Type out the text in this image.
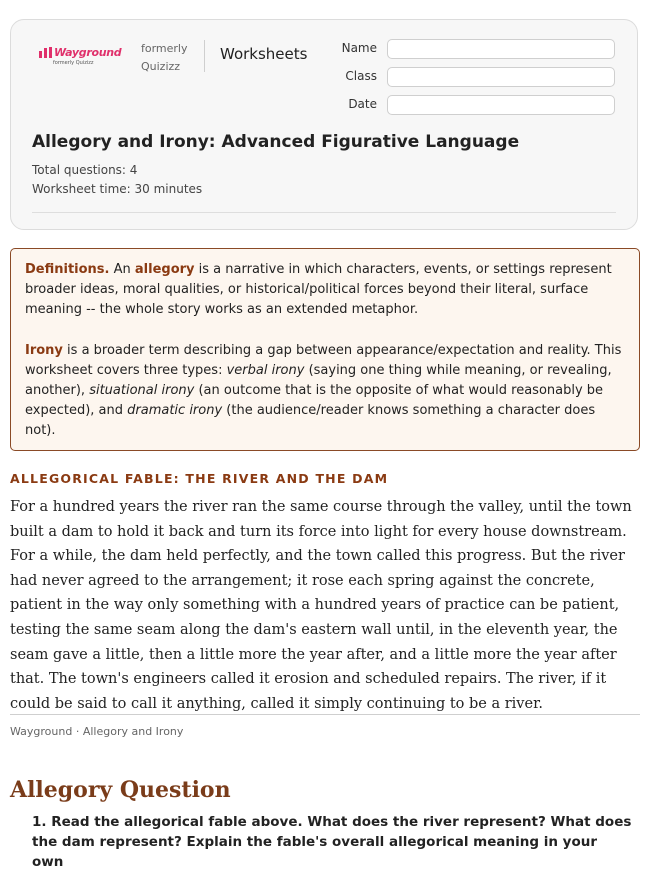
Wayground
formerly Quizizz
formerly Quizizz
Worksheets	Name
Class
Date
Allegory and Irony: Advanced Figurative Language
Total questions: 4
Worksheet time: 30 minutes

Definitions. An allegory is a narrative in which characters, events, or settings represent broader ideas, moral qualities, or historical/political forces beyond their literal, surface meaning -- the whole story works as an extended metaphor.

Irony is a broader term describing a gap between appearance/expectation and reality. This worksheet covers three types: verbal irony (saying one thing while meaning, or revealing, another), situational irony (an outcome that is the opposite of what would reasonably be expected), and dramatic irony (the audience/reader knows something a character does not).

ALLEGORICAL FABLE: THE RIVER AND THE DAM

For a hundred years the river ran the same course through the valley, until the town built a dam to hold it back and turn its force into light for every house downstream. For a while, the dam held perfectly, and the town called this progress. But the river had never agreed to the arrangement; it rose each spring against the concrete, patient in the way only something with a hundred years of practice can be patient, testing the same seam along the dam's eastern wall until, in the eleventh year, the seam gave a little, then a little more the year after, and a little more the year after that. The town's engineers called it erosion and scheduled repairs. The river, if it could be said to call it anything, called it simply continuing to be a river.

Wayground · Allegory and Irony
Allegory Question

1. Read the allegorical fable above. What does the river represent? What does the dam represent? Explain the fable's overall allegorical meaning in your own
